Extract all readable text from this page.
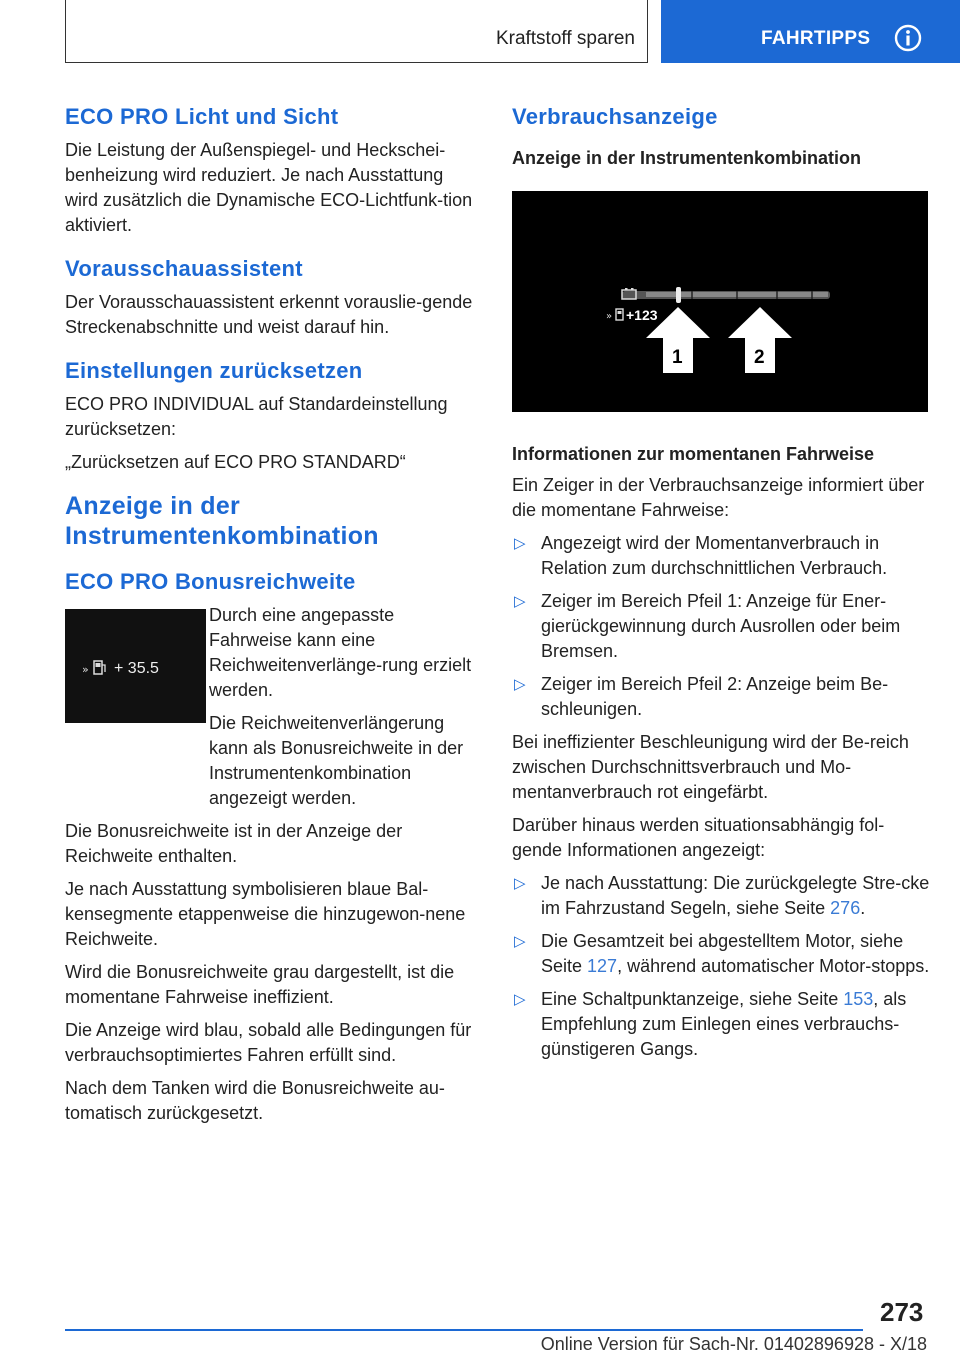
Kraftstoff sparen	FAHRTIPPS
ECO PRO Licht und Sicht

Die Leistung der Außenspiegel- und Heckschei-benheizung wird reduziert. Je nach Ausstattung wird zusätzlich die Dynamische ECO-Lichtfunk-tion aktiviert.

Vorausschauassistent

Der Vorausschauassistent erkennt vorauslie-gende Streckenabschnitte und weist darauf hin.

Einstellungen zurücksetzen

ECO PRO INDIVIDUAL auf Standardeinstellung zurücksetzen:

„Zurücksetzen auf ECO PRO STANDARD“

Anzeige in der Instrumentenkombination
ECO PRO Bonusreichweite
» + 35.5

Durch eine angepasste Fahrweise kann eine Reichweitenverlänge-rung erzielt werden.

Die Reichweitenverlängerung kann als Bonusreichweite in der Instrumentenkombination angezeigt werden.

Die Bonusreichweite ist in der Anzeige der Reichweite enthalten.

Je nach Ausstattung symbolisieren blaue Bal-kensegmente etappenweise die hinzugewon-nene Reichweite.

Wird die Bonusreichweite grau dargestellt, ist die momentane Fahrweise ineffizient.

Die Anzeige wird blau, sobald alle Bedingungen für verbrauchsoptimiertes Fahren erfüllt sind.

Nach dem Tanken wird die Bonusreichweite au-tomatisch zurückgesetzt.

Verbrauchsanzeige
Anzeige in der Instrumentenkombination
» +123
1	2
Informationen zur momentanen Fahrweise

Ein Zeiger in der Verbrauchsanzeige informiert über die momentane Fahrweise:

▷ Angezeigt wird der Momentanverbrauch in Relation zum durchschnittlichen Verbrauch.
▷ Zeiger im Bereich Pfeil 1: Anzeige für Ener-gierückgewinnung durch Ausrollen oder beim Bremsen.
▷ Zeiger im Bereich Pfeil 2: Anzeige beim Be-schleunigen.

Bei ineffizienter Beschleunigung wird der Be-reich zwischen Durchschnittsverbrauch und Mo-mentanverbrauch rot eingefärbt.

Darüber hinaus werden situationsabhängig fol-gende Informationen angezeigt:

▷ Je nach Ausstattung: Die zurückgelegte Stre-cke im Fahrzustand Segeln, siehe Seite 276.
▷ Die Gesamtzeit bei abgestelltem Motor, siehe Seite 127, während automatischer Motor-stopps.
▷ Eine Schaltpunktanzeige, siehe Seite 153, als Empfehlung zum Einlegen eines verbrauchs-günstigeren Gangs.
273
Online Version für Sach-Nr. 01402896928 - X/18
